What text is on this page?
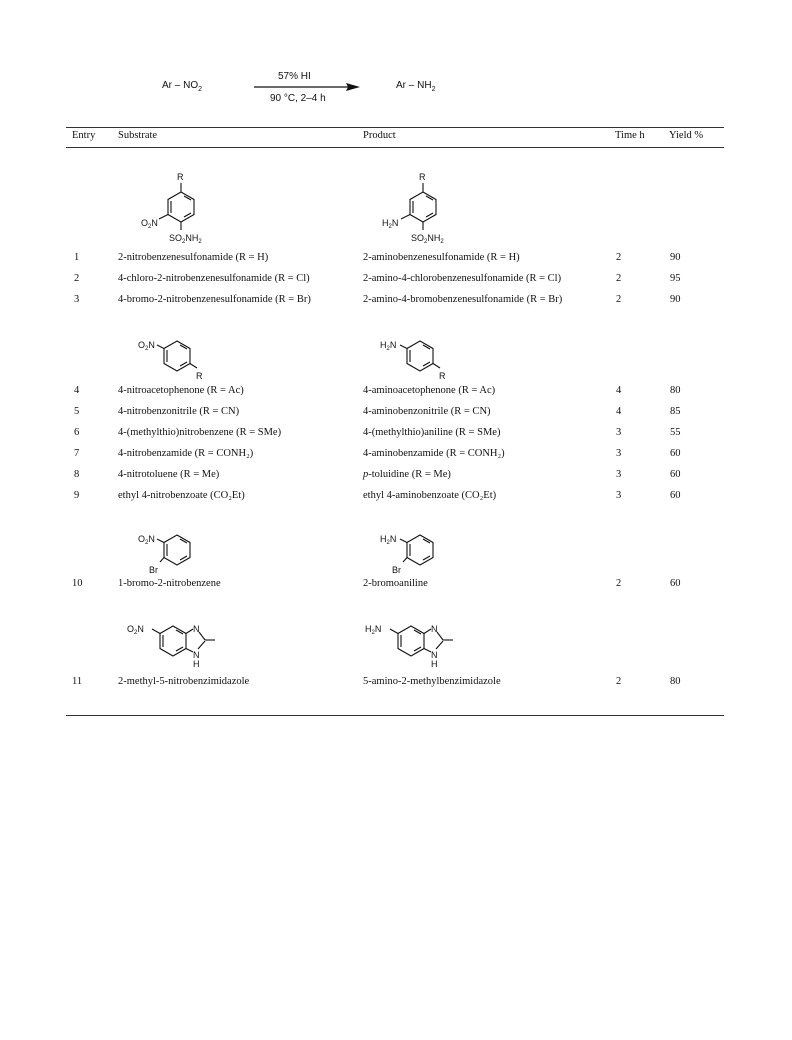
Ar – $NO_2$
57% HI
90 °C, 2–4 h
Ar – $NH_2$
Entry Substrate	Product	Time h Yield %
R
$O_2N$
$SO_2NH_2$
R
$H_2N$
$SO_2NH_2$
$O_2N$
R
$H_2N$
R
$O_2N$
Br
$H_2N$
Br
$O_2N$	N
N
H
$H_2N$	N
N
H
1	2-nitrobenzenesulfonamide (R = H)	2-aminobenzenesulfonamide (R = H)	2	90
2	4-chloro-2-nitrobenzenesulfonamide (R = Cl)	2-amino-4-chlorobenzenesulfonamide (R = Cl)	2	95
3	4-bromo-2-nitrobenzenesulfonamide (R = Br)	2-amino-4-bromobenzenesulfonamide (R = Br)	2	90
4	4-nitroacetophenone (R = Ac)	4-aminoacetophenone (R = Ac)	4	80
5	4-nitrobenzonitrile (R = CN)	4-aminobenzonitrile (R = CN)	4	85
6	4-(methylthio)nitrobenzene (R = SMe)	4-(methylthio)aniline (R = SMe)	3	55
7	4-nitrobenzamide (R = CONH₂)	4-aminobenzamide (R = CONH₂)	3	60
8	4-nitrotoluene (R = Me)	p-toluidine (R = Me)	3	60
9	ethyl 4-nitrobenzoate (CO₂Et)	ethyl 4-aminobenzoate (CO₂Et)	3	60
10	1-bromo-2-nitrobenzene	2-bromoaniline	2	60
11	2-methyl-5-nitrobenzimidazole	5-amino-2-methylbenzimidazole	2	80
